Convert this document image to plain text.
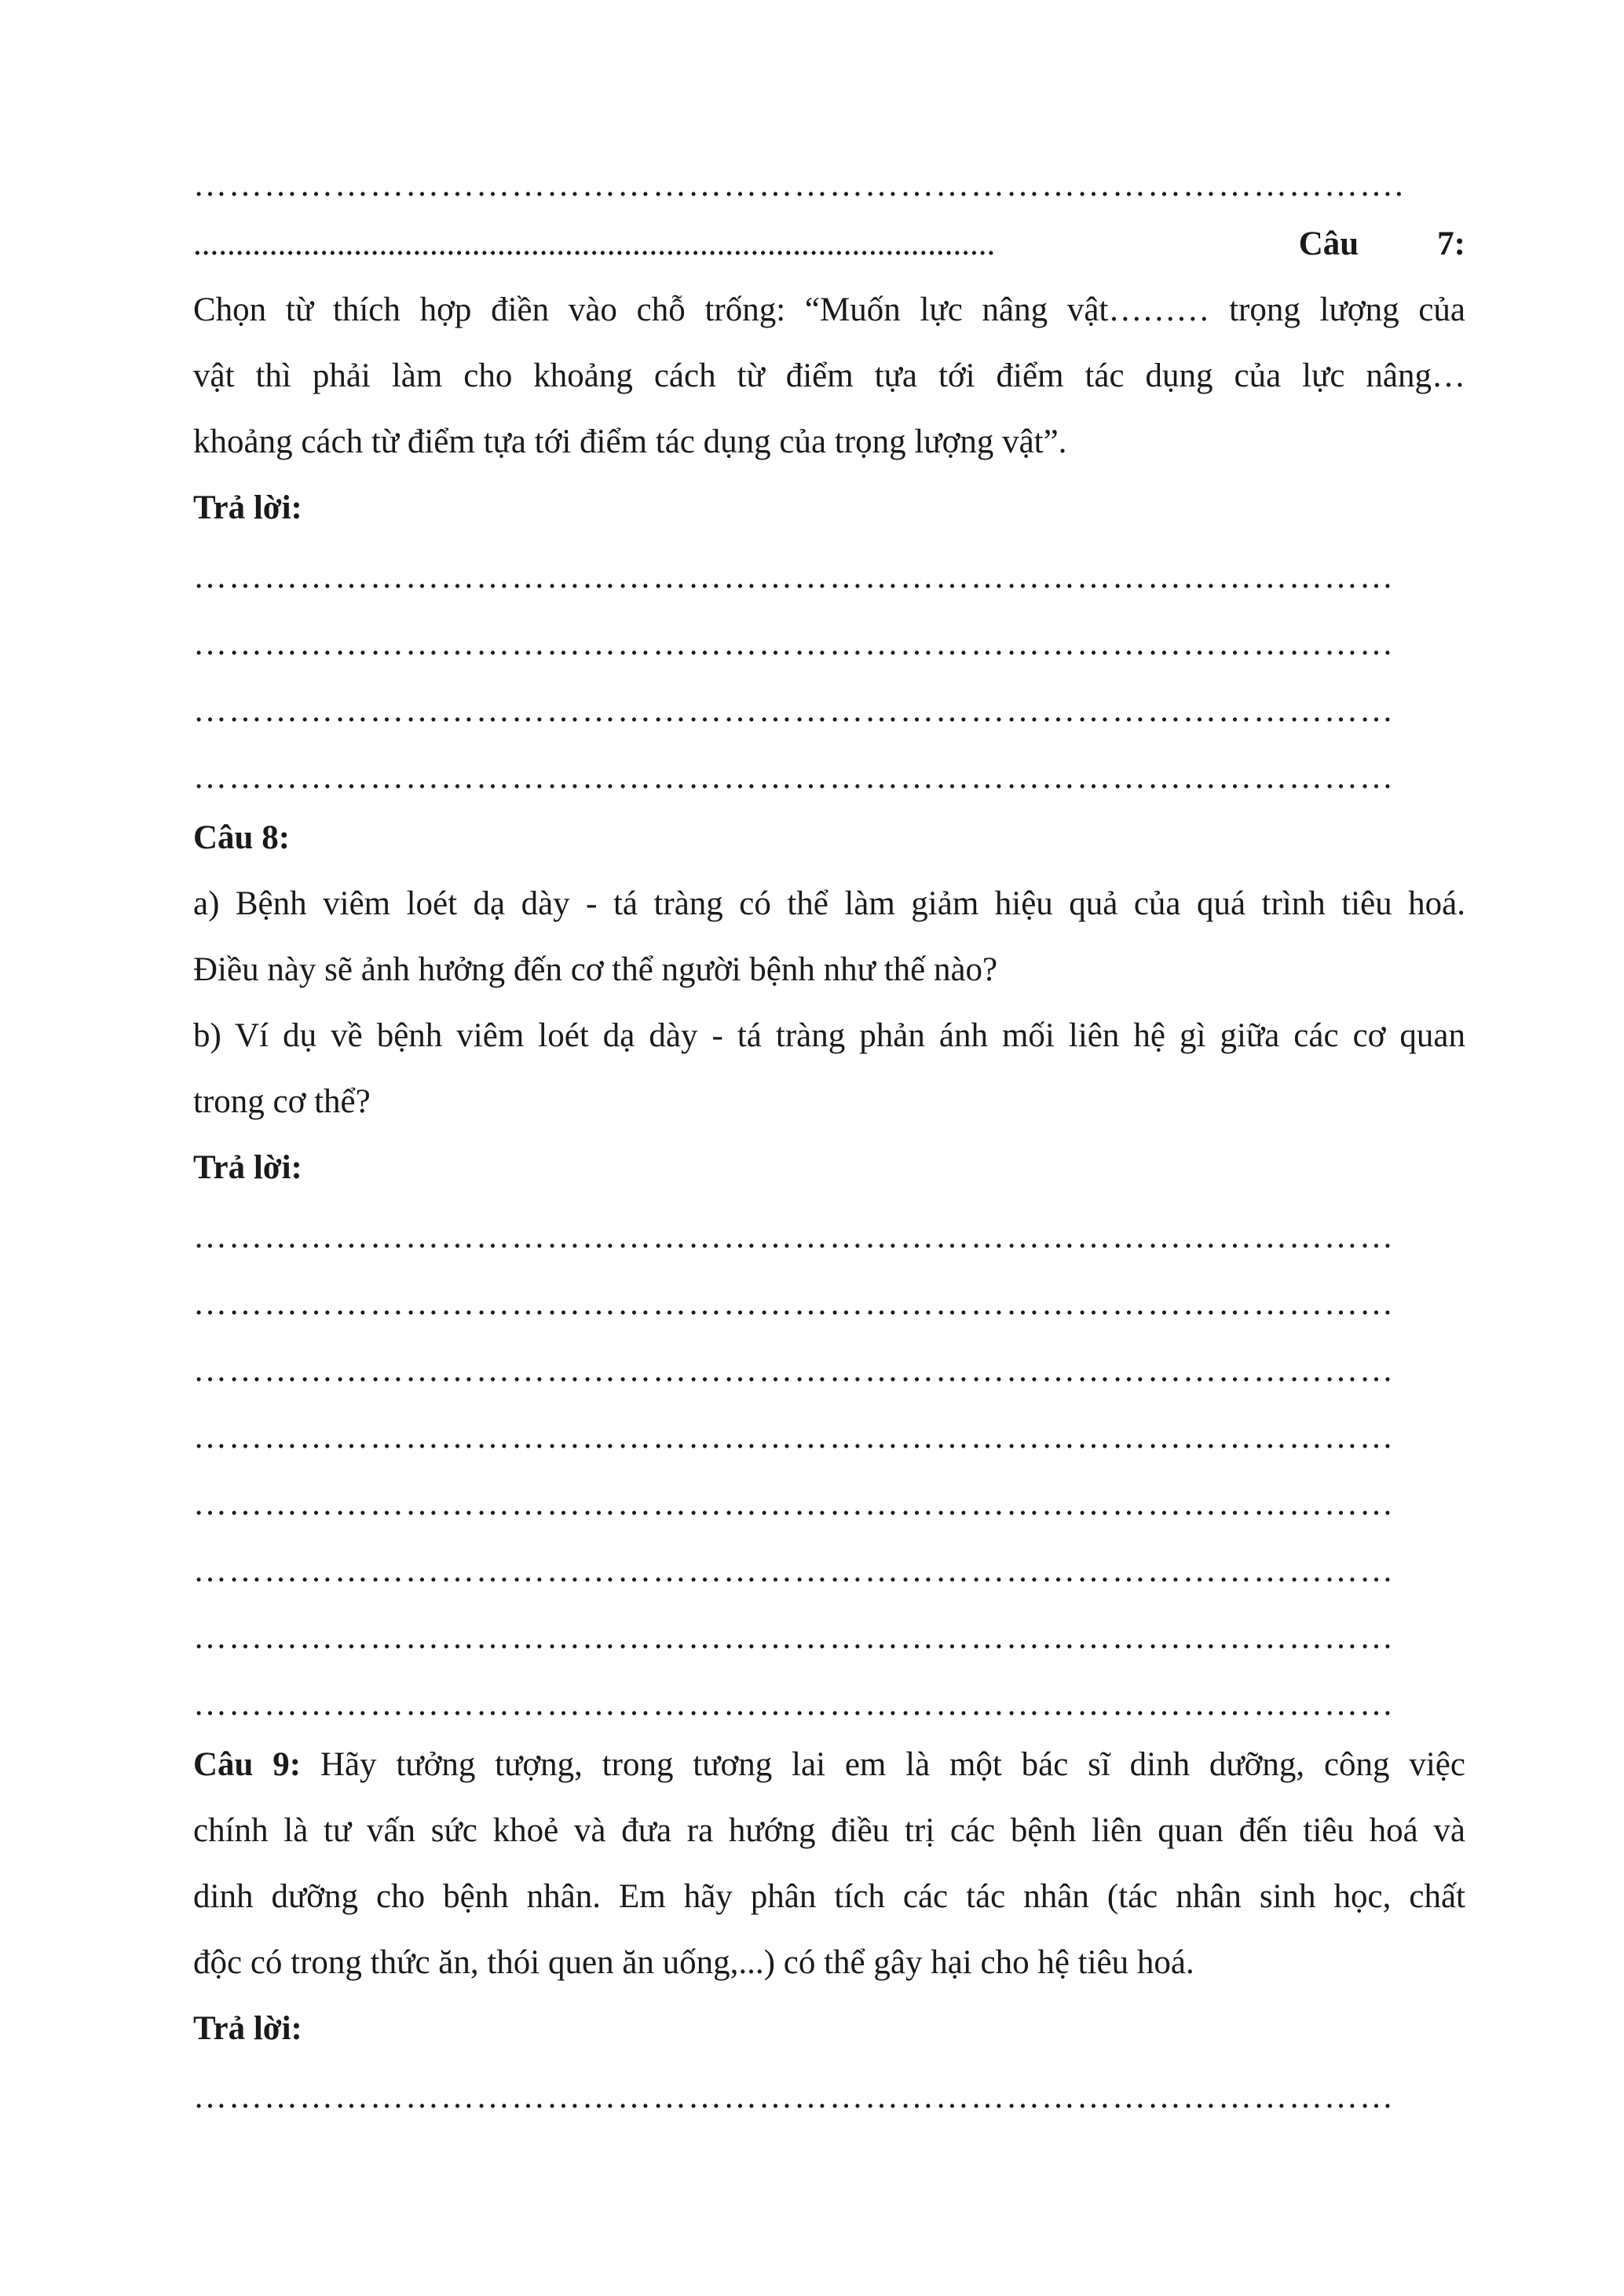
………………………………………………………………………………………….
...............................................................................................	Câu 7:
Chọn từ thích hợp điền vào chỗ trống: “Muốn lực nâng vật……… trọng lượng của
vật thì phải làm cho khoảng cách từ điểm tựa tới điểm tác dụng của lực nâng…
khoảng cách từ điểm tựa tới điểm tác dụng của trọng lượng vật”.
Trả lời:
…………………………………………………………………………………………
…………………………………………………………………………………………
…………………………………………………………………………………………
…………………………………………………………………………………………
Câu 8:
a) Bệnh viêm loét dạ dày - tá tràng có thể làm giảm hiệu quả của quá trình tiêu hoá.
Điều này sẽ ảnh hưởng đến cơ thể người bệnh như thế nào?
b) Ví dụ về bệnh viêm loét dạ dày - tá tràng phản ánh mối liên hệ gì giữa các cơ quan
trong cơ thể?
Trả lời:
…………………………………………………………………………………………
…………………………………………………………………………………………
…………………………………………………………………………………………
…………………………………………………………………………………………
…………………………………………………………………………………………
…………………………………………………………………………………………
…………………………………………………………………………………………
…………………………………………………………………………………………
Câu 9: Hãy tưởng tượng, trong tương lai em là một bác sĩ dinh dưỡng, công việc
chính là tư vấn sức khoẻ và đưa ra hướng điều trị các bệnh liên quan đến tiêu hoá và
dinh dưỡng cho bệnh nhân. Em hãy phân tích các tác nhân (tác nhân sinh học, chất
độc có trong thức ăn, thói quen ăn uống,...) có thể gây hại cho hệ tiêu hoá.
Trả lời:
…………………………………………………………………………………………
